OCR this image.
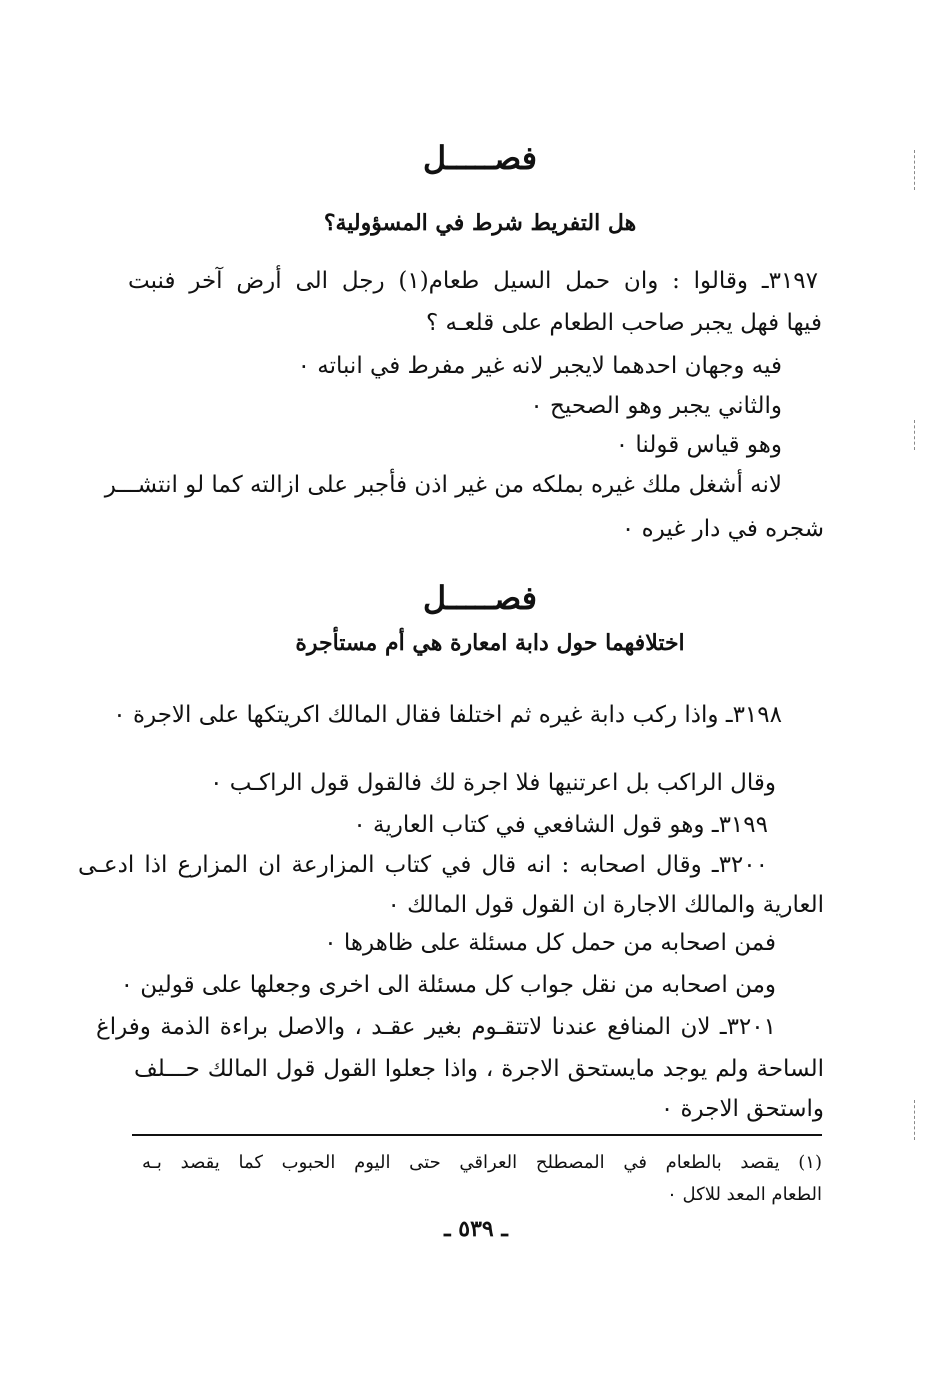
فصـــــل
هل التفريط شرط في المسؤولية؟
٣١٩٧ـ وقالوا : وان حمل السيل طعام(١) رجل الى أرض آخر فنبت
فيها فهل يجبر صاحب الطعام على قلعـه ؟
فيه وجهان احدهما لايجبر لانه غير مفرط في انباته ٠
والثاني يجبر وهو الصحيح ٠
وهو قياس قولنا ٠
لانه أشغل ملك غيره بملكه من غير اذن فأجبر على ازالته كما لو انتشـــر
شجره في دار غيره ٠
فصـــــل
اختلافهما حول دابة امعارة هي أم مستأجرة
٣١٩٨ـ واذا ركب دابة غيره ثم اختلفا فقال المالك اكريتكها على الاجرة ٠
وقال الراكب بل اعرتنيها فلا اجرة لك فالقول قول الراكـب ٠
٣١٩٩ـ وهو قول الشافعي في كتاب العارية ٠
٣٢٠٠ـ وقال اصحابه : انه قال في كتاب المزارعة ان المزارع اذا ادعـى
العارية والمالك الاجارة ان القول قول المالك ٠
فمن اصحابه من حمل كل مسئلة على ظاهرها ٠
ومن اصحابه من نقل جواب كل مسئلة الى اخرى وجعلها على قولين ٠
٣٢٠١ـ لان المنافع عندنا لاتتقـوم بغير عقـد ، والاصل براءة الذمة وفراغ
الساحة ولم يوجد مايستحق الاجرة ، واذا جعلوا القول قول المالك حـــلف
واستحق الاجرة ٠
(١) يقصد بالطعام في المصطلح العراقي حتى اليوم الحبوب كما يقصد بـه
الطعام المعد للاكل ٠
ـ ٥٣٩ ـ
